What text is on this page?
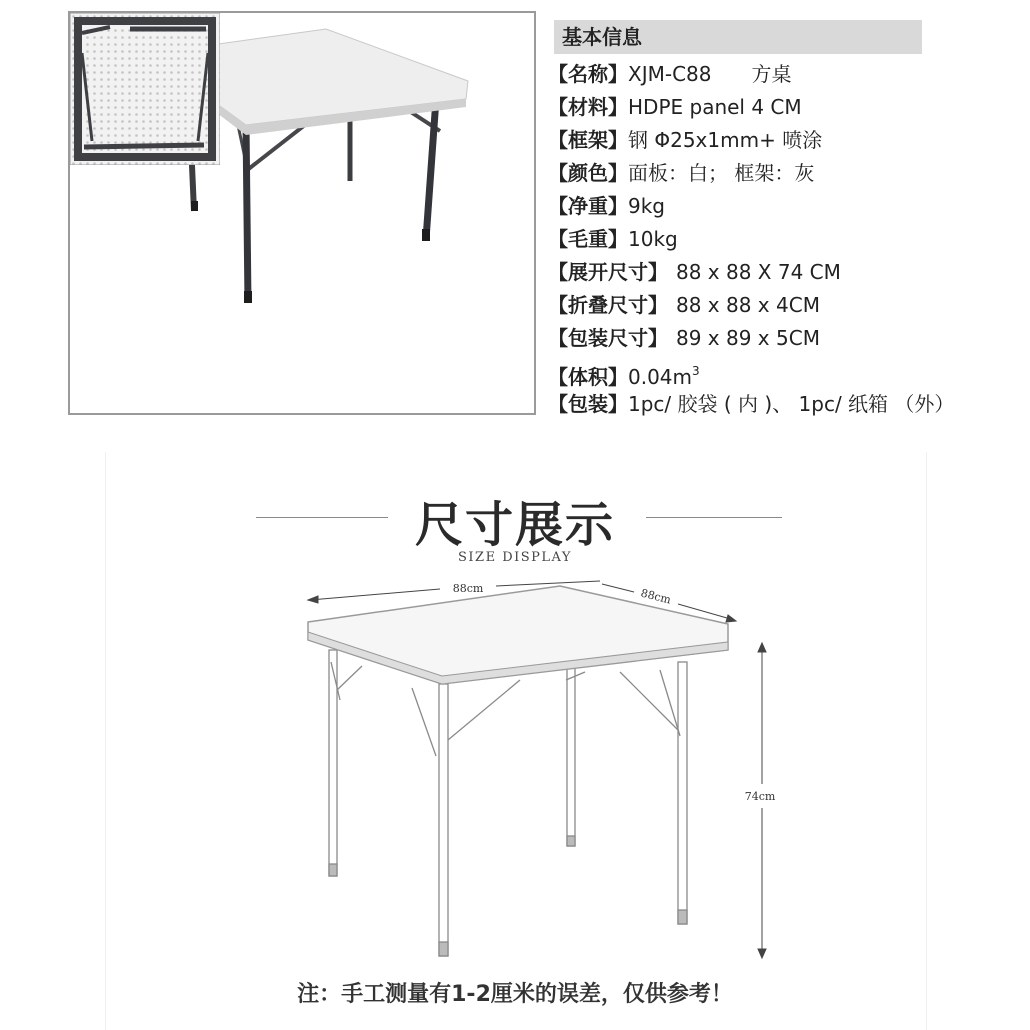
基本信息
【名称】XJM-C88　　方桌
【材料】HDPE panel 4 CM
【框架】钢 Φ25x1mm+ 喷涂
【颜色】面板：白； 框架：灰
【净重】9kg
【毛重】10kg
【展开尺寸】 88 x 88 X 74 CM
【折叠尺寸】 88 x 88 x 4CM
【包装尺寸】 89 x 89 x 5CM
【体积】$0.04m^3$
【包装】1pc/ 胶袋 ( 内 )、 1pc/ 纸箱 （外）
尺寸展示
SIZE DISPLAY
88cm	88cm
74cm
注：手工测量有1-2厘米的误差，仅供参考！
